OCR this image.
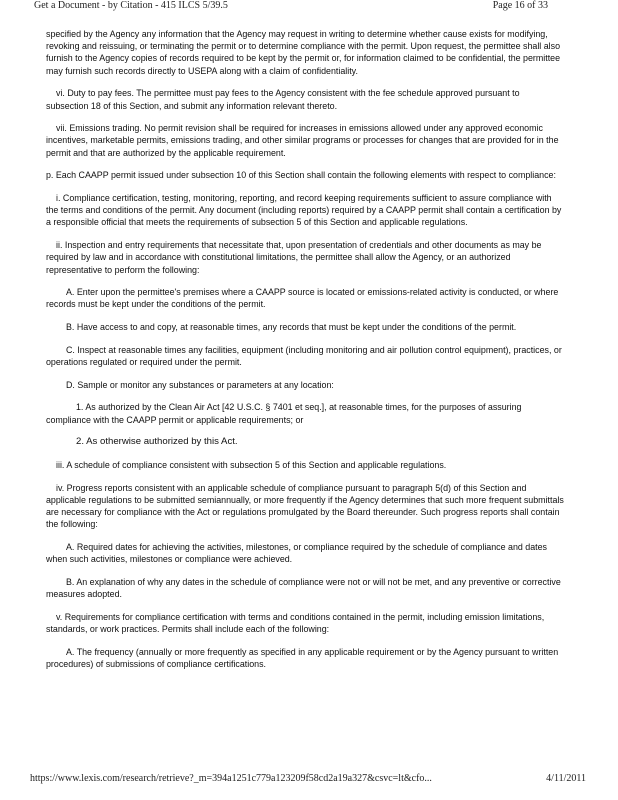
Get a Document - by Citation - 415 ILCS 5/39.5	Page 16 of 33

specified by the Agency any information that the Agency may request in writing to determine whether cause exists for modifying, revoking and reissuing, or terminating the permit or to determine compliance with the permit. Upon request, the permittee shall also furnish to the Agency copies of records required to be kept by the permit or, for information claimed to be confidential, the permittee may furnish such records directly to USEPA along with a claim of confidentiality.

vi. Duty to pay fees. The permittee must pay fees to the Agency consistent with the fee schedule approved pursuant to subsection 18 of this Section, and submit any information relevant thereto.

vii. Emissions trading. No permit revision shall be required for increases in emissions allowed under any approved economic incentives, marketable permits, emissions trading, and other similar programs or processes for changes that are provided for in the permit and that are authorized by the applicable requirement.

p. Each CAAPP permit issued under subsection 10 of this Section shall contain the following elements with respect to compliance:

i. Compliance certification, testing, monitoring, reporting, and record keeping requirements sufficient to assure compliance with the terms and conditions of the permit. Any document (including reports) required by a CAAPP permit shall contain a certification by a responsible official that meets the requirements of subsection 5 of this Section and applicable regulations.

ii. Inspection and entry requirements that necessitate that, upon presentation of credentials and other documents as may be required by law and in accordance with constitutional limitations, the permittee shall allow the Agency, or an authorized representative to perform the following:

A. Enter upon the permittee's premises where a CAAPP source is located or emissions-related activity is conducted, or where records must be kept under the conditions of the permit.

B. Have access to and copy, at reasonable times, any records that must be kept under the conditions of the permit.

C. Inspect at reasonable times any facilities, equipment (including monitoring and air pollution control equipment), practices, or operations regulated or required under the permit.

D. Sample or monitor any substances or parameters at any location:

1. As authorized by the Clean Air Act [42 U.S.C. § 7401 et seq.], at reasonable times, for the purposes of assuring compliance with the CAAPP permit or applicable requirements; or

2. As otherwise authorized by this Act.

iii. A schedule of compliance consistent with subsection 5 of this Section and applicable regulations.

iv. Progress reports consistent with an applicable schedule of compliance pursuant to paragraph 5(d) of this Section and applicable regulations to be submitted semiannually, or more frequently if the Agency determines that such more frequent submittals are necessary for compliance with the Act or regulations promulgated by the Board thereunder. Such progress reports shall contain the following:

A. Required dates for achieving the activities, milestones, or compliance required by the schedule of compliance and dates when such activities, milestones or compliance were achieved.

B. An explanation of why any dates in the schedule of compliance were not or will not be met, and any preventive or corrective measures adopted.

v. Requirements for compliance certification with terms and conditions contained in the permit, including emission limitations, standards, or work practices. Permits shall include each of the following:

A. The frequency (annually or more frequently as specified in any applicable requirement or by the Agency pursuant to written procedures) of submissions of compliance certifications.

https://www.lexis.com/research/retrieve?_m=394a1251c779a123209f58cd2a19a327&csvc=lt&cfo...	4/11/2011
